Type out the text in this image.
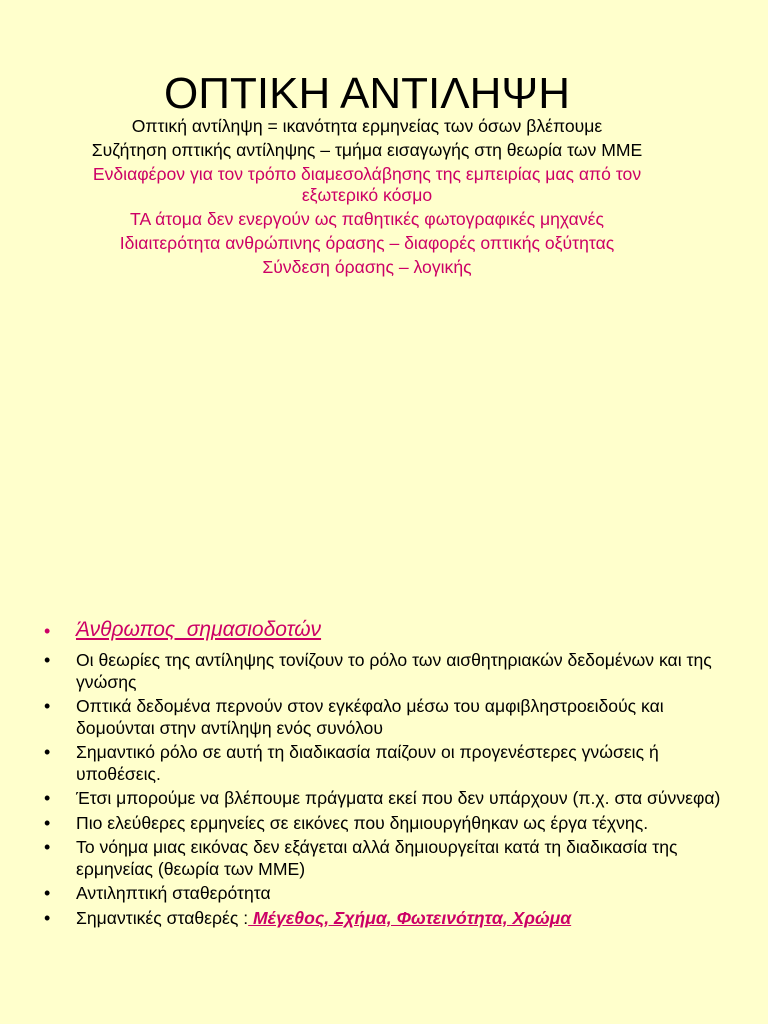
ΟΠΤΙΚΗ ΑΝΤΙΛΗΨΗ
Οπτική αντίληψη = ικανότητα ερμηνείας των όσων βλέπουμε
Συζήτηση οπτικής αντίληψης – τμήμα εισαγωγής στη θεωρία των ΜΜΕ
Ενδιαφέρον για τον τρόπο διαμεσολάβησης της εμπειρίας μας από τον εξωτερικό κόσμο
ΤΑ άτομα δεν ενεργούν ως παθητικές φωτογραφικές μηχανές
Ιδιαιτερότητα ανθρώπινης όρασης – διαφορές οπτικής οξύτητας
Σύνδεση όρασης – λογικής
• Άνθρωπος  σημασιοδοτών
• Οι θεωρίες της αντίληψης τονίζουν το ρόλο των αισθητηριακών δεδομένων και της γνώσης
• Οπτικά δεδομένα περνούν στον εγκέφαλο μέσω του αμφιβληστροειδούς και δομούνται στην αντίληψη ενός συνόλου
• Σημαντικό ρόλο σε αυτή τη διαδικασία παίζουν οι προγενέστερες γνώσεις ή υποθέσεις.
• Έτσι μπορούμε να βλέπουμε πράγματα εκεί που δεν υπάρχουν (π.χ. στα σύννεφα)
• Πιο ελεύθερες ερμηνείες σε εικόνες που δημιουργήθηκαν ως έργα τέχνης.
• Το νόημα μιας εικόνας δεν εξάγεται αλλά δημιουργείται κατά τη διαδικασία της ερμηνείας (θεωρία των ΜΜΕ)
• Αντιληπτική σταθερότητα
• Σημαντικές σταθερές : Μέγεθος, Σχήμα, Φωτεινότητα, Χρώμα
